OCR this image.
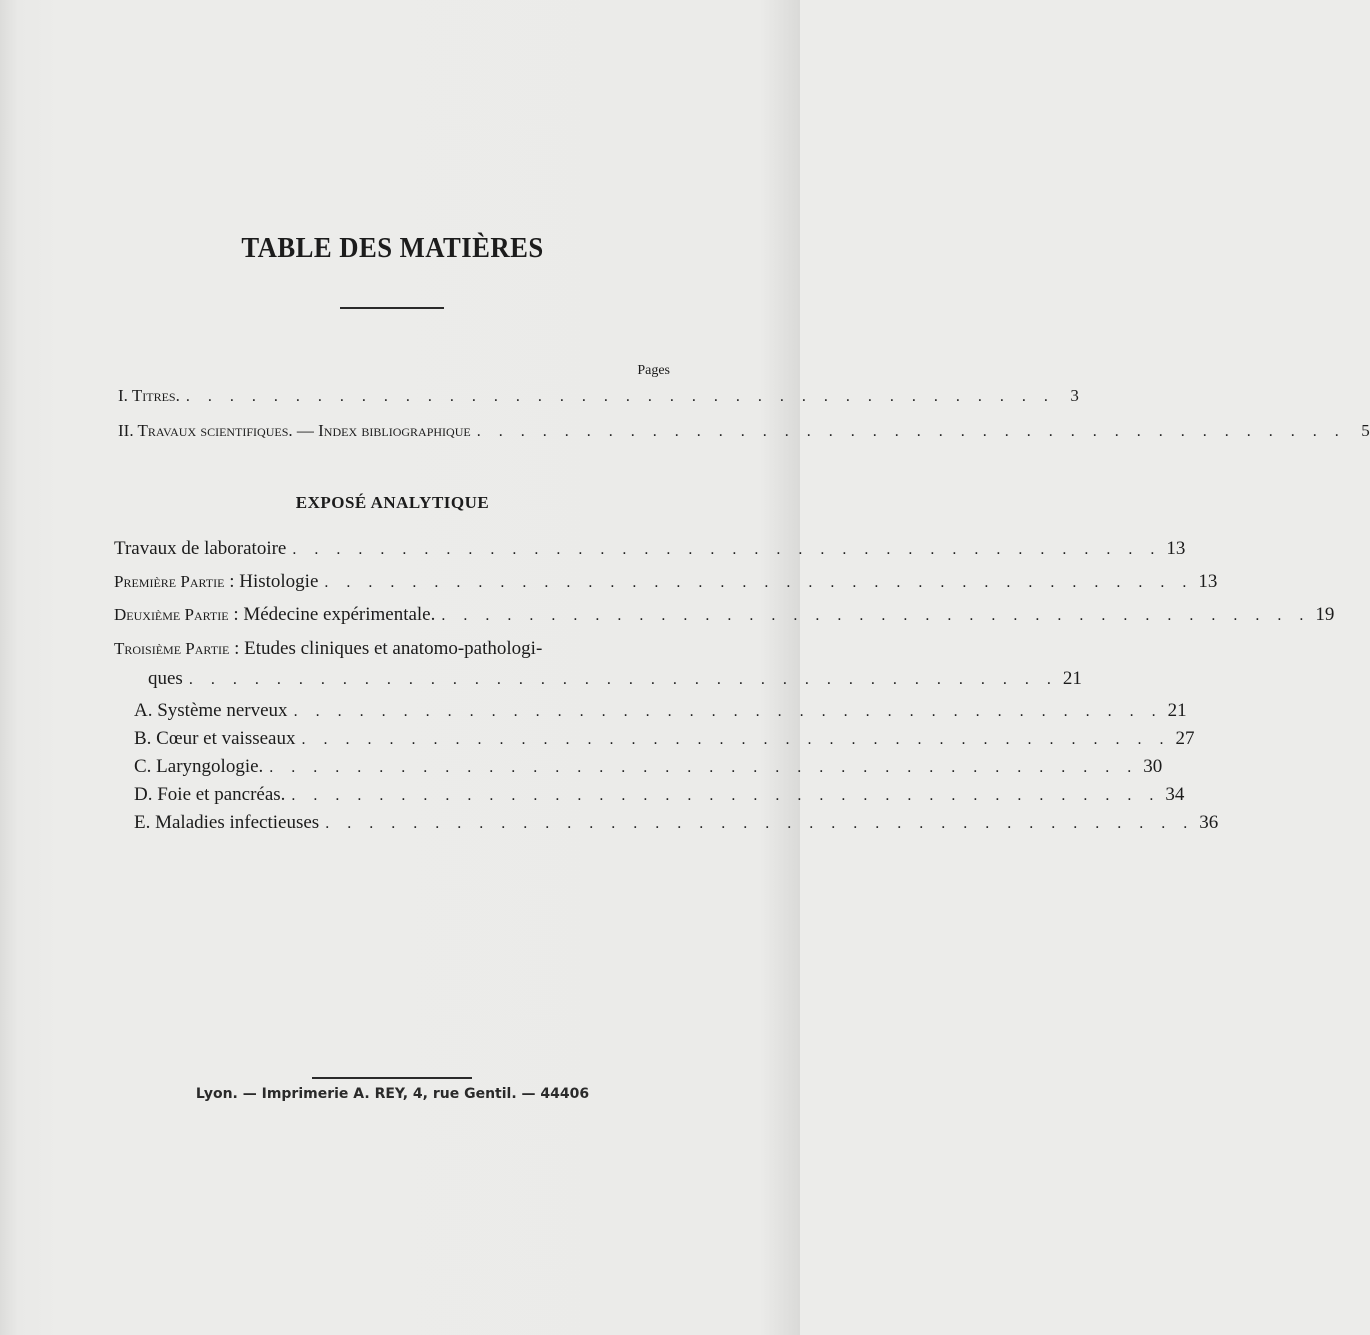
TABLE DES MATIÈRES
Pages
I. Titres. . . . . . . . . . . . . . . . . . . . . . . . . . . . . . . . . . . . . . . . . 3
II. Travaux scientifiques. — Index bibliographique . . . . . . . . . . . . . . . . . . . . . . . . . . . . . . . . . . . . . . . . 5
EXPOSÉ ANALYTIQUE
Travaux de laboratoire . . . . . . . . . . . . . . . . . . . . . . . . . . . . . . . . . . . . . . . . 13
Première Partie : Histologie . . . . . . . . . . . . . . . . . . . . . . . . . . . . . . . . . . . . . . . . 13
Deuxième Partie : Médecine expérimentale. . . . . . . . . . . . . . . . . . . . . . . . . . . . . . . . . . . . . . . . . 19
Troisième Partie : Etudes cliniques et anatomo-pathologi-
ques . . . . . . . . . . . . . . . . . . . . . . . . . . . . . . . . . . . . . . . . 21
A. Système nerveux . . . . . . . . . . . . . . . . . . . . . . . . . . . . . . . . . . . . . . . . 21
B. Cœur et vaisseaux . . . . . . . . . . . . . . . . . . . . . . . . . . . . . . . . . . . . . . . . 27
C. Laryngologie. . . . . . . . . . . . . . . . . . . . . . . . . . . . . . . . . . . . . . . . . 30
D. Foie et pancréas. . . . . . . . . . . . . . . . . . . . . . . . . . . . . . . . . . . . . . . . . 34
E. Maladies infectieuses . . . . . . . . . . . . . . . . . . . . . . . . . . . . . . . . . . . . . . . . 36
Lyon. — Imprimerie A. REY, 4, rue Gentil. — 44406
